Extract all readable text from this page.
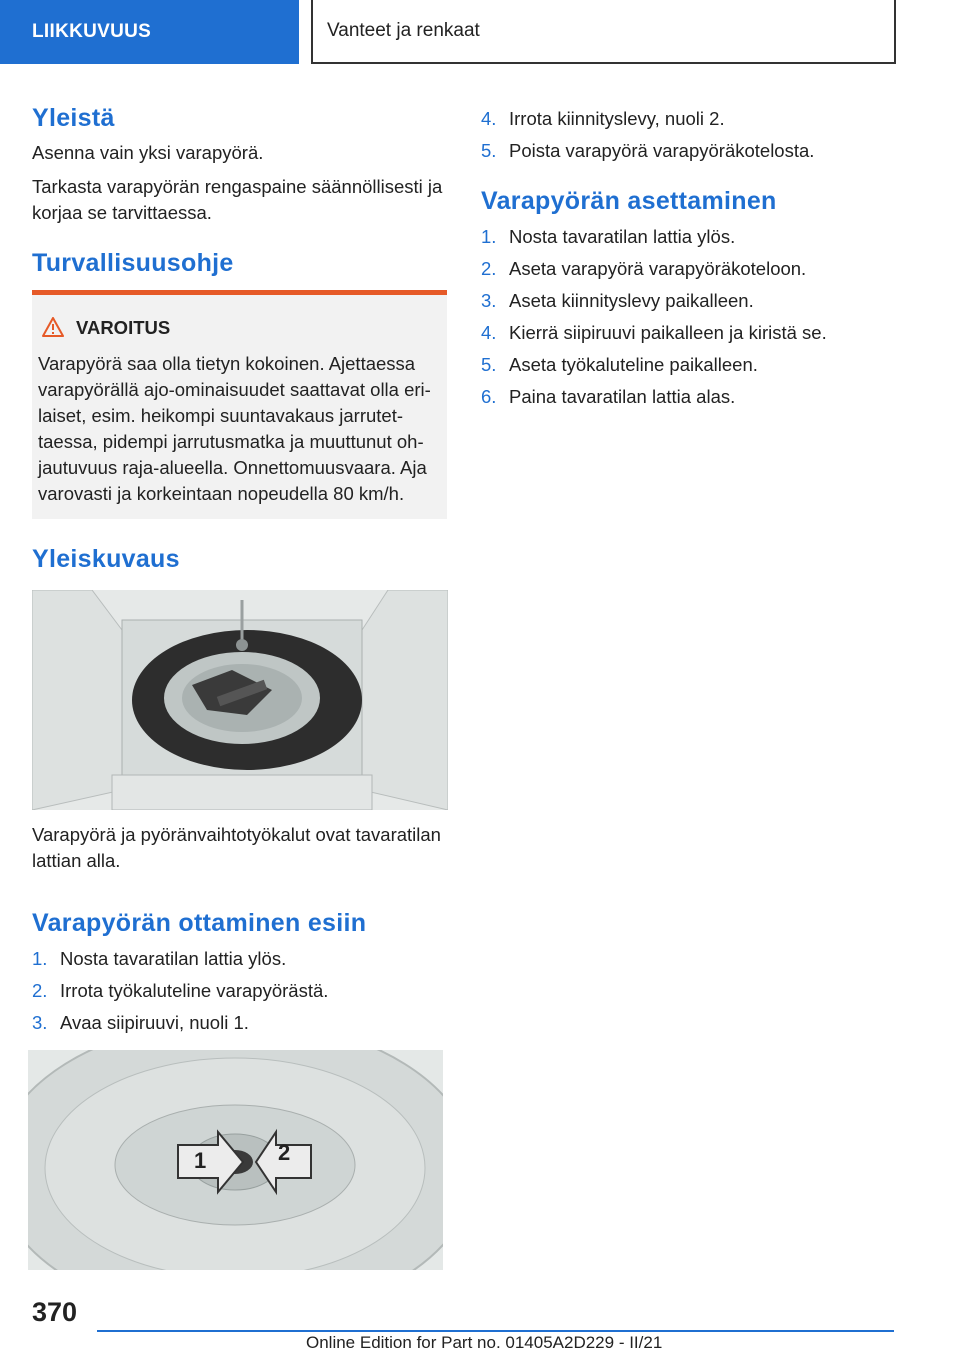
LIIKKUVUUS	Vanteet ja renkaat
Yleistä

Asenna vain yksi varapyörä.

Tarkasta varapyörän rengaspaine säännöllisesti ja

korjaa se tarvittaessa.

Turvallisuusohje
VAROITUS
Varapyörä saa olla tietyn kokoinen. Ajettaessa
varapyörällä ajo-ominaisuudet saattavat olla eri-
laiset, esim. heikompi suuntavakaus jarrutet-
taessa, pidempi jarrutusmatka ja muuttunut oh-
jautuvuus raja-alueella. Onnettomuusvaara. Aja
varovasti ja korkeintaan nopeudella 80 km/h.
Yleiskuvaus

Varapyörä ja pyöränvaihtotyökalut ovat tavaratilan

lattian alla.

Varapyörän ottaminen esiin
1. Nosta tavaratilan lattia ylös.
2. Irrota työkaluteline varapyörästä.
3. Avaa siipiruuvi, nuoli 1.
1	2
4. Irrota kiinnityslevy, nuoli 2.
5. Poista varapyörä varapyöräkotelosta.
Varapyörän asettaminen
1. Nosta tavaratilan lattia ylös.
2. Aseta varapyörä varapyöräkoteloon.
3. Aseta kiinnityslevy paikalleen.
4. Kierrä siipiruuvi paikalleen ja kiristä se.
5. Aseta työkaluteline paikalleen.
6. Paina tavaratilan lattia alas.
370
Online Edition for Part no. 01405A2D229 - II/21
